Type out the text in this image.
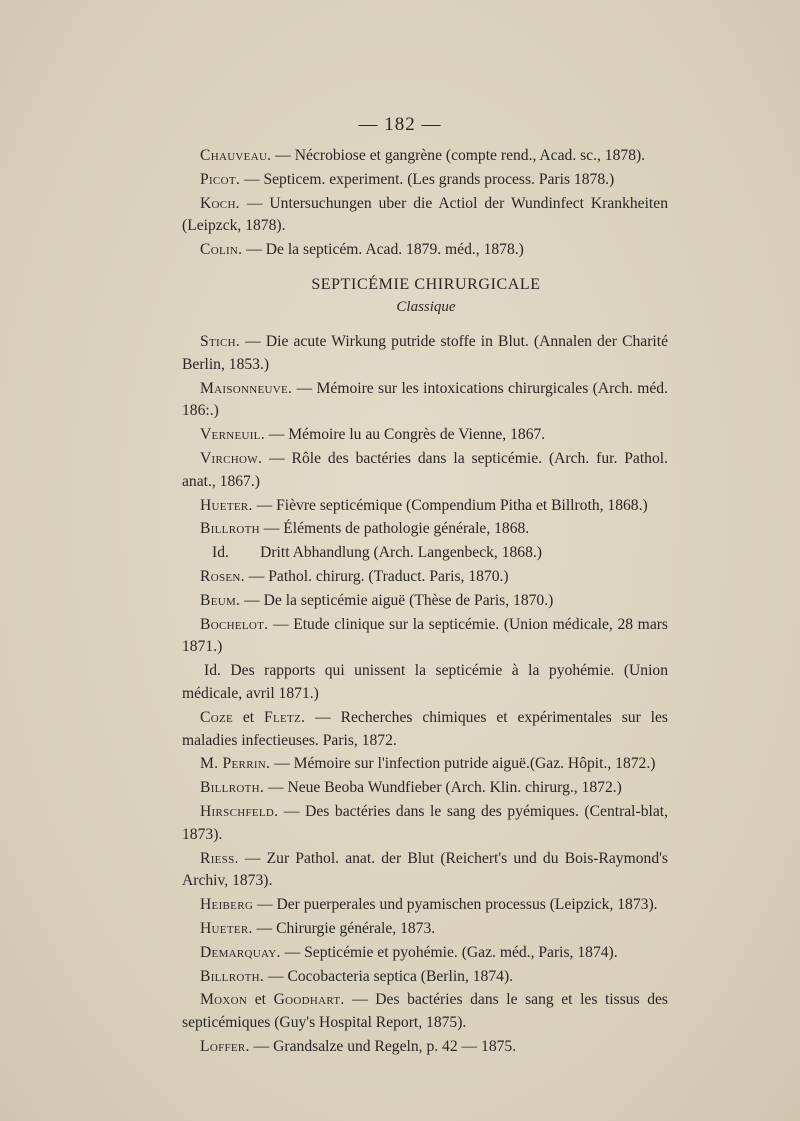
— 182 —

Chauveau. — Nécrobiose et gangrène (compte rend., Acad. sc., 1878).

Picot. — Septicem. experiment. (Les grands process. Paris 1878.)

Koch. — Untersuchungen uber die Actiol der Wundinfect Krankheiten (Leipzck, 1878).

Colin. — De la septicém. Acad. 1879. méd., 1878.)

SEPTICÉMIE CHIRURGICALE
Classique

Stich. — Die acute Wirkung putride stoffe in Blut. (Annalen der Charité Berlin, 1853.)

Maisonneuve. — Mémoire sur les intoxications chirurgicales (Arch. méd. 186:.)

Verneuil. — Mémoire lu au Congrès de Vienne, 1867.

Virchow. — Rôle des bactéries dans la septicémie. (Arch. fur. Pathol. anat., 1867.)

Hueter. — Fièvre septicémique (Compendium Pitha et Billroth, 1868.)

Billroth — Éléments de pathologie générale, 1868.

Id.        Dritt Abhandlung (Arch. Langenbeck, 1868.)

Rosen. — Pathol. chirurg. (Traduct. Paris, 1870.)

Beum. — De la septicémie aiguë (Thèse de Paris, 1870.)

Bochelot. — Etude clinique sur la septicémie. (Union médicale, 28 mars 1871.)

Id. Des rapports qui unissent la septicémie à la pyohémie. (Union médicale, avril 1871.)

Coze et Fletz. — Recherches chimiques et expérimentales sur les maladies infectieuses. Paris, 1872.

M. Perrin. — Mémoire sur l'infection putride aiguë.(Gaz. Hôpit., 1872.)

Billroth. — Neue Beoba Wundfieber (Arch. Klin. chirurg., 1872.)

Hirschfeld. — Des bactéries dans le sang des pyémiques. (Central-blat, 1873).

Riess. — Zur Pathol. anat. der Blut (Reichert's und du Bois-Raymond's Archiv, 1873).

Heiberg — Der puerperales und pyamischen processus (Leipzick, 1873).

Hueter. — Chirurgie générale, 1873.

Demarquay. — Septicémie et pyohémie. (Gaz. méd., Paris, 1874).

Billroth. — Cocobacteria septica (Berlin, 1874).

Moxon et Goodhart. — Des bactéries dans le sang et les tissus des septicémiques (Guy's Hospital Report, 1875).

Loffer. — Grandsalze und Regeln, p. 42 — 1875.
